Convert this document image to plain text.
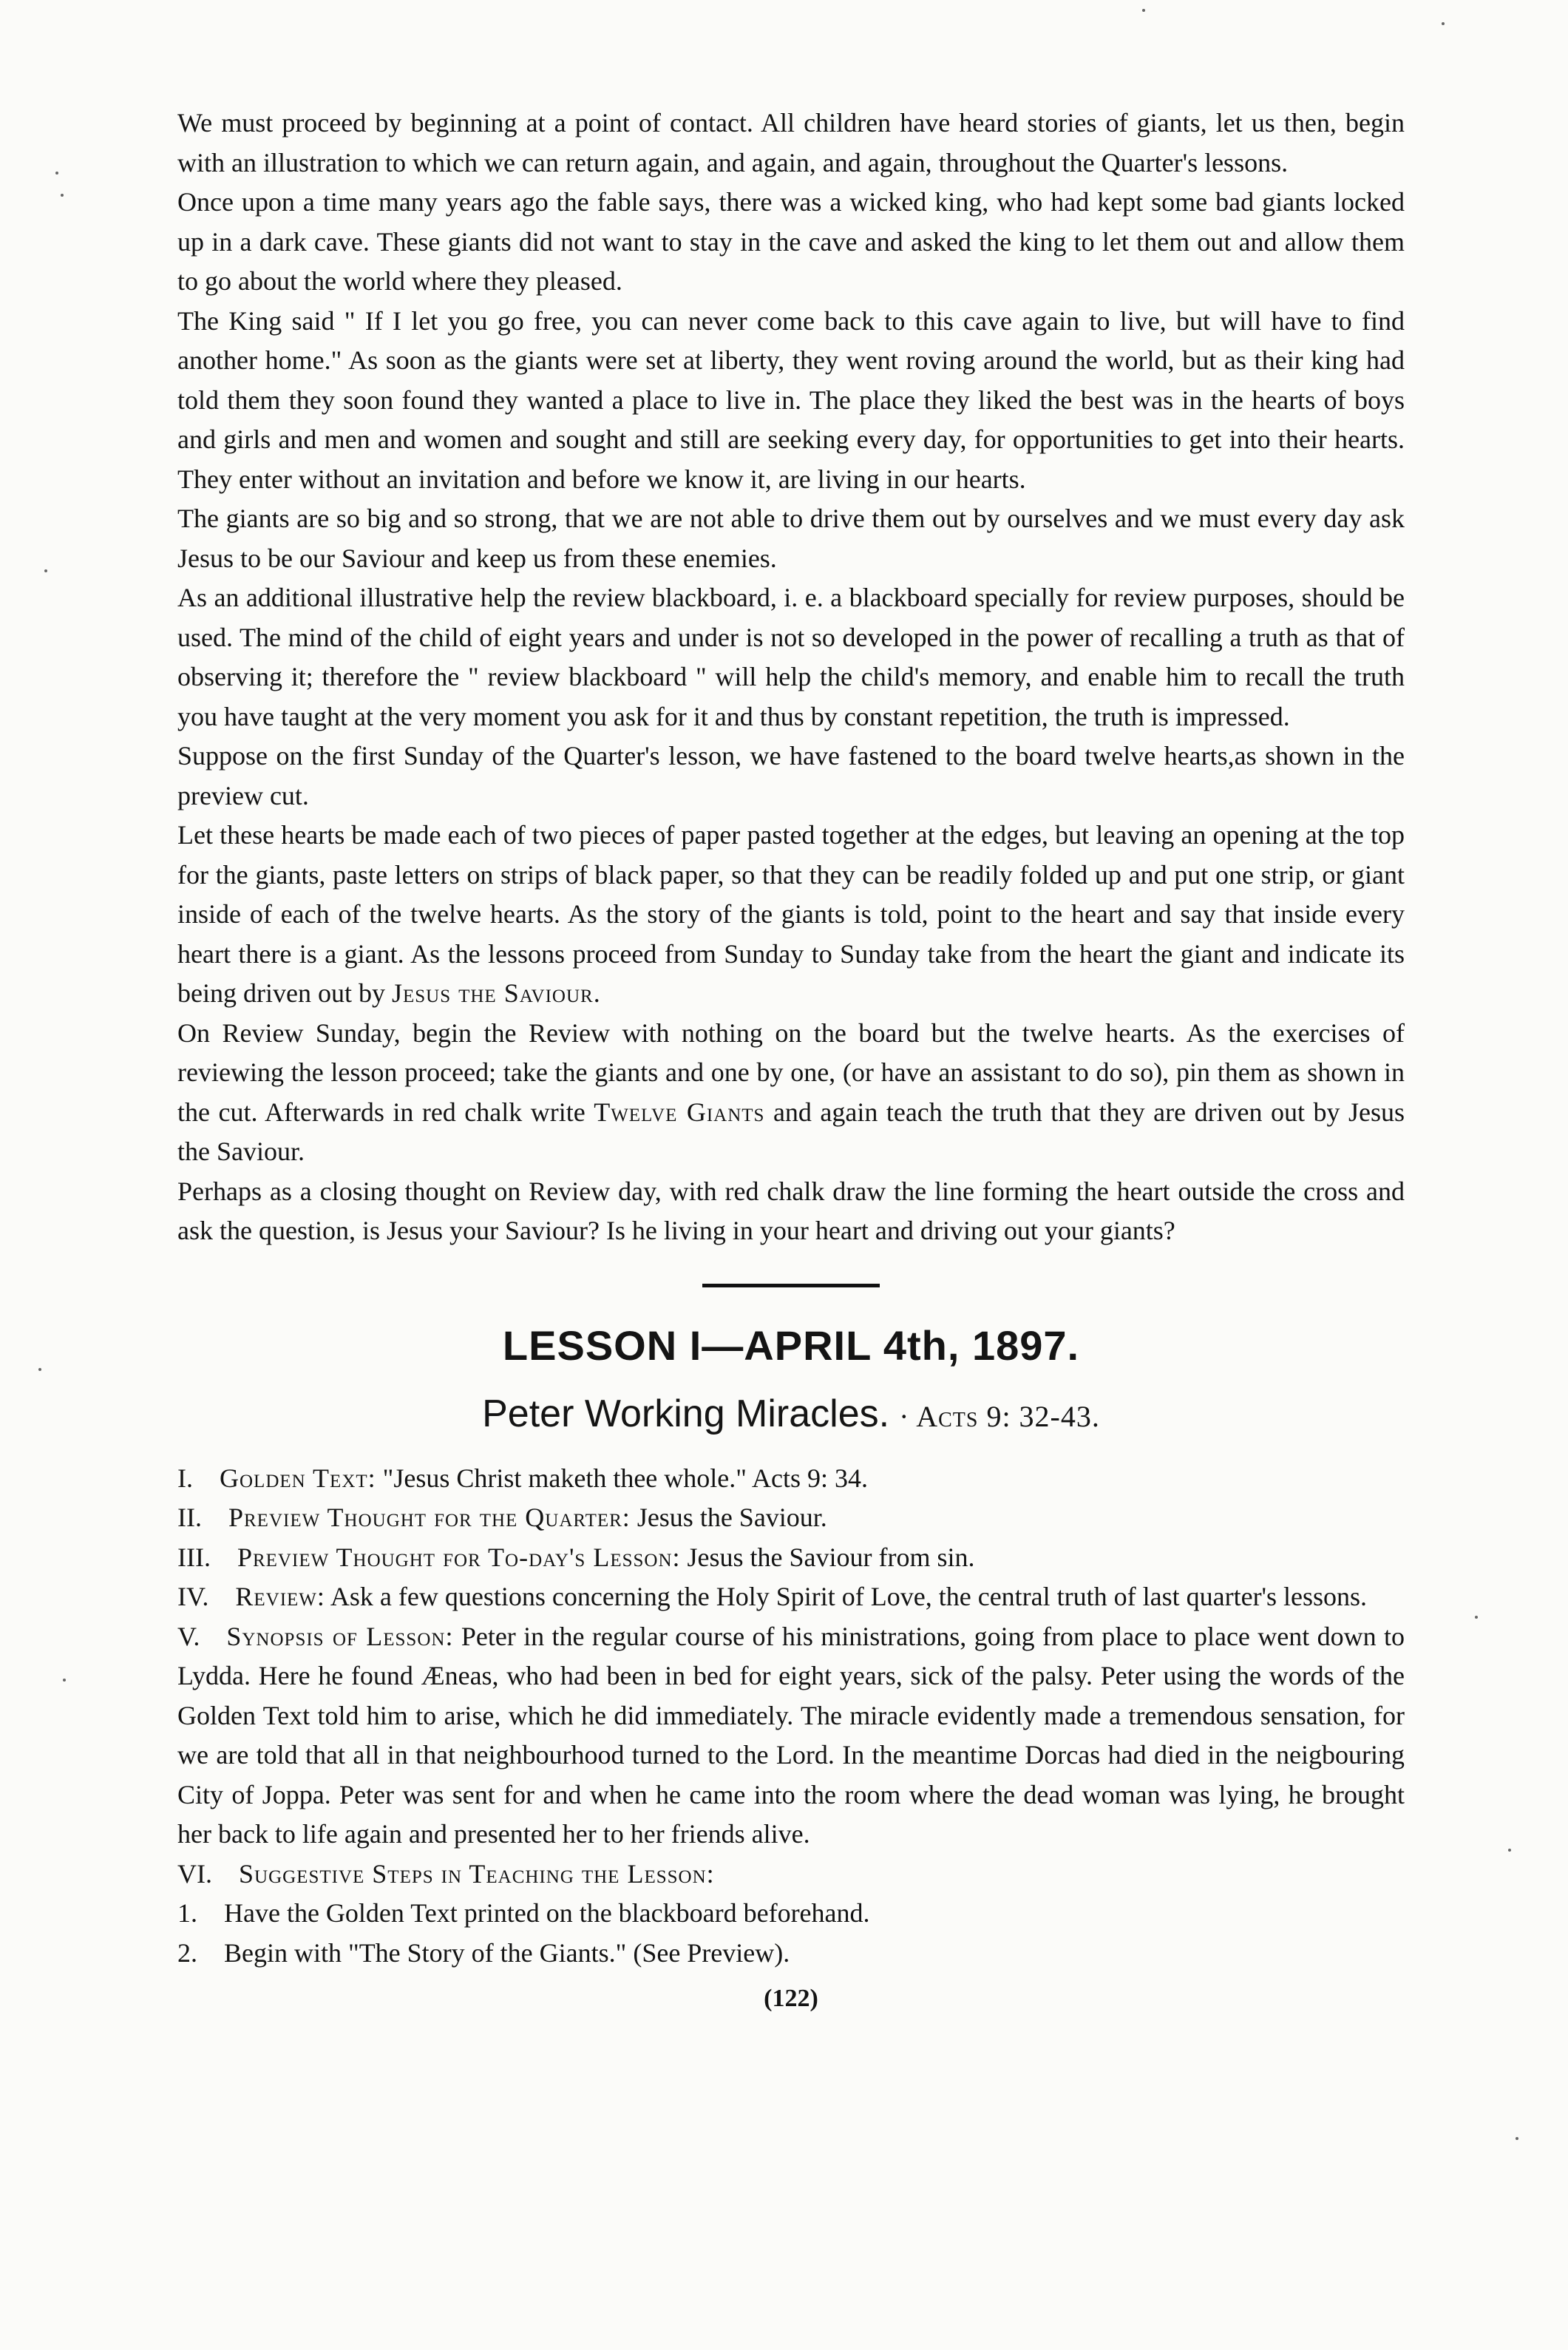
We must proceed by beginning at a point of contact. All children have heard stories of giants, let us then, begin with an illustration to which we can return again, and again, and again, throughout the Quarter's lessons.

Once upon a time many years ago the fable says, there was a wicked king, who had kept some bad giants locked up in a dark cave. These giants did not want to stay in the cave and asked the king to let them out and allow them to go about the world where they pleased.

The King said " If I let you go free, you can never come back to this cave again to live, but will have to find another home." As soon as the giants were set at liberty, they went roving around the world, but as their king had told them they soon found they wanted a place to live in. The place they liked the best was in the hearts of boys and girls and men and women and sought and still are seeking every day, for opportunities to get into their hearts. They enter without an invitation and before we know it, are living in our hearts.

The giants are so big and so strong, that we are not able to drive them out by ourselves and we must every day ask Jesus to be our Saviour and keep us from these enemies.

As an additional illustrative help the review blackboard, i. e. a blackboard specially for review purposes, should be used. The mind of the child of eight years and under is not so developed in the power of recalling a truth as that of observing it; therefore the " review blackboard " will help the child's memory, and enable him to recall the truth you have taught at the very moment you ask for it and thus by constant repetition, the truth is impressed.

Suppose on the first Sunday of the Quarter's lesson, we have fastened to the board twelve hearts,as shown in the preview cut.

Let these hearts be made each of two pieces of paper pasted together at the edges, but leaving an opening at the top for the giants, paste letters on strips of black paper, so that they can be readily folded up and put one strip, or giant inside of each of the twelve hearts. As the story of the giants is told, point to the heart and say that inside every heart there is a giant. As the lessons proceed from Sunday to Sunday take from the heart the giant and indicate its being driven out by Jesus the Saviour.

On Review Sunday, begin the Review with nothing on the board but the twelve hearts. As the exercises of reviewing the lesson proceed; take the giants and one by one, (or have an assistant to do so), pin them as shown in the cut. Afterwards in red chalk write Twelve Giants and again teach the truth that they are driven out by Jesus the Saviour.

Perhaps as a closing thought on Review day, with red chalk draw the line forming the heart outside the cross and ask the question, is Jesus your Saviour? Is he living in your heart and driving out your giants?

LESSON I—APRIL 4th, 1897.
Peter Working Miracles. · Acts 9: 32-43.

I. Golden Text: "Jesus Christ maketh thee whole." Acts 9: 34.

II. Preview Thought for the Quarter: Jesus the Saviour.

III. Preview Thought for To-day's Lesson: Jesus the Saviour from sin.

IV. Review: Ask a few questions concerning the Holy Spirit of Love, the central truth of last quarter's lessons.

V. Synopsis of Lesson: Peter in the regular course of his ministrations, going from place to place went down to Lydda. Here he found Æneas, who had been in bed for eight years, sick of the palsy. Peter using the words of the Golden Text told him to arise, which he did immediately. The miracle evidently made a tremendous sensation, for we are told that all in that neighbourhood turned to the Lord. In the meantime Dorcas had died in the neigbouring City of Joppa. Peter was sent for and when he came into the room where the dead woman was lying, he brought her back to life again and presented her to her friends alive.

VI. Suggestive Steps in Teaching the Lesson:

1. Have the Golden Text printed on the blackboard beforehand.

2. Begin with "The Story of the Giants." (See Preview).

(122)
